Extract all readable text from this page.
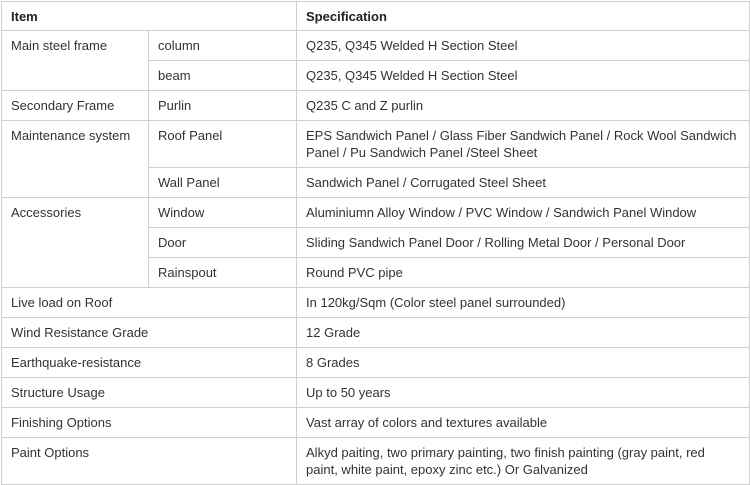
Item		Specification
Main steel frame	column	Q235, Q345 Welded H Section Steel
	beam	Q235, Q345 Welded H Section Steel
Secondary Frame	Purlin	Q235 C and Z purlin
Maintenance system	Roof Panel	EPS Sandwich Panel / Glass Fiber Sandwich Panel / Rock Wool Sandwich Panel / Pu Sandwich Panel /Steel Sheet
	Wall Panel	Sandwich Panel / Corrugated Steel Sheet
Accessories	Window	Aluminiumn Alloy Window / PVC Window / Sandwich Panel Window
	Door	Sliding Sandwich Panel Door / Rolling Metal Door / Personal Door
	Rainspout	Round PVC pipe
Live load on Roof		In 120kg/Sqm (Color steel panel surrounded)
Wind Resistance Grade		12 Grade
Earthquake-resistance		8 Grades
Structure Usage		Up to 50 years
Finishing Options		Vast array of colors and textures available
Paint Options		Alkyd paiting, two primary painting, two finish painting (gray paint, red paint, white paint, epoxy zinc etc.) Or Galvanized
